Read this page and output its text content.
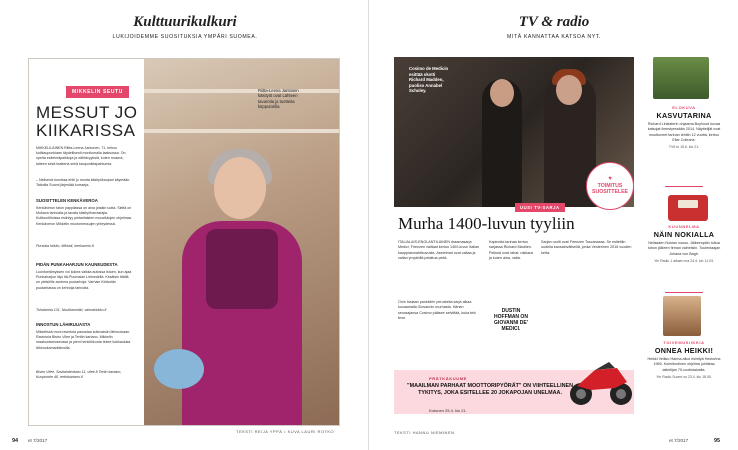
Kulttuurikulkuri
LUKIJOIDEMME SUOSITUKSIA YMPÄRI SUOMEA.
Riitta-Leena Jantosen käsityöt ovat Lähteen tavaroita ja tuotteita kirpputorilla.
MIKKELIN SEUTU
MESSUT JO
KIIKARISSA
MIKKELILÄINEN Riitta-Leena Jantonen, 71, kehuu kotikaupunkiaan täydellisesti monilomalla laaksossa. On upeita esitelmäpaikkoja ja nähtävyyksiä, kuten museot, taiteen sekä teatteria sekä kaupunkitapahtumia.
– Nelisenä tunnissa ehtii jo monta käsityökaupan käymään. Taitotila Suomi järjestää kursseja.
SUOSITTELEN KENKÄVEROA
Kenkäveron talon pappilassa on aina jotakin uutta. Sieltä on Mukava tarinoida ja tavata käsityöharrastajia. Kulttuuritiloissa esiintyy pietarilaisten muusikkojen ohjelmaa. Kenkäveron Mikkelin muotomessujen yhteydessä.
Pursiala kirkko, Mikkeli, kenkavero.fi
PIDÄN PUNKAHARJUN KAUNEUDESTA
Luontoelämyksen voi kokea vaikka autossa istuen, kun ajaa Punkaharjun läpi Itä-Puumalan Lietvedellä. Kesäisin täällä on yleisöille avoinna puutarhoja. Varhain Kirkkolän puutarhassa on kehnoja tarinoita.
Tuhalanha 131, Nuutilanmäki, vaimakirkko.fi
INNOSTUN LÄHIRUUASTA
Mikkelissä moni ravintola panostaa kotimaisiin lähiruokaan. Ravintola Bistro Vilee ja Terttin kartano. Mikkelin maakuntamuseossa ja pieni henkilökunta tekee kokkauksia lähiruokamarkkinoilla.
Bistro Vilee, Savilahdenkatu 11, vilee.fi Tertin kartano, Kuopiontie 48, tertinkartano.fi
TEKSTI REIJA YPPÄ • KUVA LAURI ROTKO
94 et 7/2017
TV & radio
MITÄ KANNATTAA KATSOA NYT.
Cosimo de Medicin esittää skotti Richard Madden, puoliso Annabel Scholey.
♥
TOIMITUS
SUOSITTELEE
UUSI TV-SARJA
Murha 1400-luvun tyyliin
ITALIALAIS-ENGLANTILAINEN draamasarja Medici, Firenzen valtiaat kertoo 1400-luvun Italian kauppiasmahtisuvusta. Asetelmat ovat valtaa ja vallan ympärillä pelattua peliä.
Onin tosiaan pankkiirin perusteita sarja alkaa kuvaamalla Giovannin murhasta. Hänen seuraajansa Cosimo pääsee selvittää, kuka teki teon.
Kapinoita tarinaa kertoo sarjassa Richard Madden. Pelissä ovat rahat, rakkaus ja kuten aina, valta.
DUSTIN HOFFMAN ON GIOVANNI DE' MEDICI.
Sarjan roolit ovat Firenzen Toscanassa. Se esiteltiin uudella kansainvälisellä, jonka Vesterinen 2016 vuoden kerta.
PRÄTKÄKUUME
"MAAILMAN PARHAAT MOOTTORIPYÖRÄT" ON VIIHTEELLINEN TYKITYS, JOKA ESITELLEE 20 JOKAPOJAN UNELMAA.
Kutonen 25.4. klo 21.
TEKSTI HANNU NIEMINEN
ELOKUVA
KASVUTARINA
Richard Linklaterin ohjaama Boyhood kuvaa katsojat ilmestyessään 2014. Näyttelijät ovat muuttuneet tarinan tehtiin 12 vuotta, kertoo Ellar Coltrane.
TV5 to 15.6. klo 21.
KUUNNELMA
NÄIN NOKIALLA
Nelissaen Nokian nousu. Jälkeenpäin tultua tuhon jälkeen firman vaiheisiin. Tuulentaajan Juhana von Bagh.
Yle Radio 1 alkaen ma 24.4. klo 11.03.
TOIVEMUSIIKKIA
ONNEA HEIKKI!
Heikki Veikko Harma alkoi esiintyä Hectorina 1965. Kolmituntinen ohjelma juhlistaa taiteilijan 70-vuotistaivalta.
Yle Radio Suomi su 23.4. klo 18.05.
et 7/2017	95
